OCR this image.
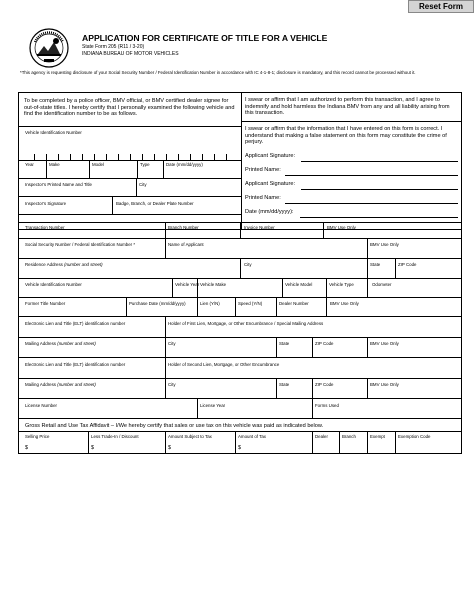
Reset Form
APPLICATION FOR CERTIFICATE OF TITLE FOR A VEHICLE
State Form 205 (R11 / 3-20)
INDIANA BUREAU OF MOTOR VEHICLES
*This agency is requesting disclosure of your Social Security Number / Federal Identification Number in accordance with IC 4-1-8-1; disclosure is mandatory, and this record cannot be processed without it.
To be completed by a police officer, BMV official, or BMV certified dealer signee for out-of-state titles. I hereby certify that I personally examined the following vehicle and find the identification number to be as follows.
Vehicle Identification Number
Year	Make	Model	Type	Date (mm/dd/yyyy)
Inspector's Printed Name and Title	City
Inspector's Signature	Badge, Branch, or Dealer Plate Number
I swear or affirm that I am authorized to perform this transaction, and I agree to indemnify and hold harmless the Indiana BMV from any and all liability arising from this transaction.
I swear or affirm that the information that I have entered on this form is correct. I understand that making a false statement on this form may constitute the crime of perjury.
Applicant Signature:
Printed Name:
Applicant Signature:
Printed Name:
Date (mm/dd/yyyy):
Transaction Number	Branch Number	Invoice Number	BMV Use Only
Social Security Number / Federal Identification Number *	Name of Applicant	BMV Use Only
Residence Address (number and street)	City	State	ZIP Code
Vehicle Identification Number	Vehicle Year Vehicle Make	Vehicle Model	Vehicle Type	Odometer
Former Title Number	Purchase Date (mm/dd/yyyy)	Lien (Y/N)	Speed (Y/N)	Dealer Number	BMV Use Only
Electronic Lien and Title (ELT) identification number	Holder of First Lien, Mortgage, or Other Encumbrance / Special Mailing Address
Mailing Address (number and street)	City	State	ZIP Code	BMV Use Only
Electronic Lien and Title (ELT) identification number	Holder of Second Lien, Mortgage, or Other Encumbrance
Mailing Address (number and street)	City	State	ZIP Code	BMV Use Only
License Number	License Year	Forms Used
Gross Retail and Use Tax Affidavit – I/We hereby certify that sales or use tax on this vehicle was paid as indicated below.
Selling Price	Less Trade-In / Discount	Amount Subject to Tax	Amount of Tax	Dealer	Branch	Exempt	Exemption Code
$	$	$	$
